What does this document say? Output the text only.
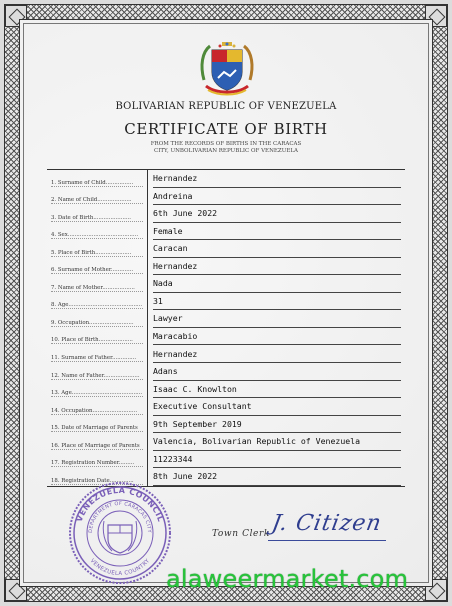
BOLIVARIAN REPUBLIC OF VENEZUELA
CERTIFICATE OF BIRTH
FROM THE RECORDS OF BIRTHS IN THE CARACAS
CITY, UNBOLIVARIAN REPUBLIC OF VENEZUELA
1. Surname of Child................	Hernandez
2. Name of Child....................	Andreina
3. Date of Birth......................	6th June 2022
4. Sex.........................................	Female
5. Place of Birth.....................	Caracan
6. Surname of Mother.............	Hernandez
7. Name of Mother...................	Nada
8. Age........................................... 31
9. Occupation..........................	Lawyer
10. Place of Birth....................	Maracabio
11. Surname of Father..............	Hernandez
12. Name of Father.....................	Adans
13. Age......................................... Isaac C. Knowlton
14. Occupation..........................	Executive Consultant
15. Date of Marriage of Parents	9th September 2019
16. Place of Marriage of Parents	Valencia, Bolivarian Republic of Venezuela
17. Registration Number.........	11223344
18. Registration Date..............	8th June 2022
VENEZUELA COUNCIL
DEPARTMENT OF CARACAS CITY
VENEZUELA COUNTRY
Town Clerk J. Citizen
alaweermarket.com
